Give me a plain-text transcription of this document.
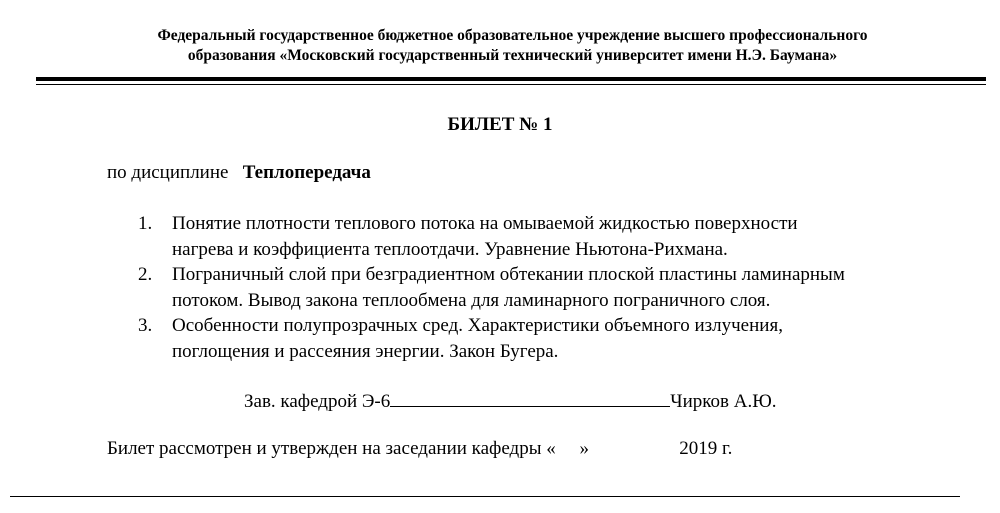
Федеральный государственное бюджетное образовательное учреждение высшего профессионального
образования «Московский государственный технический университет имени Н.Э. Баумана»
БИЛЕТ № 1
по дисциплине Теплопередача
1. Понятие плотности теплового потока на омываемой жидкостью поверхности
нагрева и коэффициента теплоотдачи. Уравнение Ньютона-Рихмана.
2. Пограничный слой при безградиентном обтекании плоской пластины ламинарным
потоком. Вывод закона теплообмена для ламинарного пограничного слоя.
3. Особенности полупрозрачных сред. Характеристики объемного излучения,
поглощения и рассеяния энергии. Закон Бугера.
Зав. кафедрой Э-6	Чирков А.Ю.
Билет рассмотрен и утвержден на заседании кафедры « »	2019 г.
